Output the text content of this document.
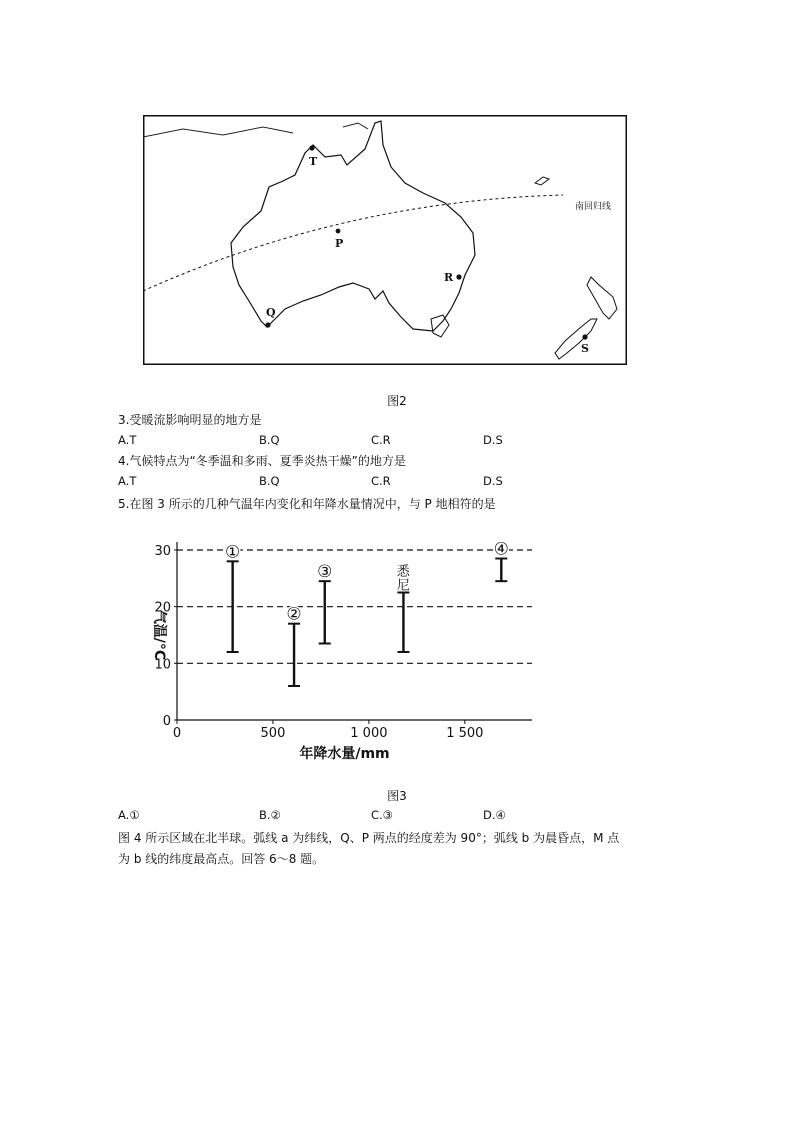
T
P
R
Q
S
南回归线
图2
3.受暖流影响明显的地方是
A.T	B.Q	C.R	D.S
4.气候特点为“冬季温和多雨、夏季炎热干燥”的地方是
A.T	B.Q	C.R	D.S
5.在图 3 所示的几种气温年内变化和年降水量情况中，与 P 地相符的是
0
10
20
30
0	500	1 000	1 500
年降水量/mm
气温/°C
①
②
③	悉
尼
④
图3
A.①	B.②	C.③	D.④
图 4 所示区域在北半球。弧线 a 为纬线，Q、P 两点的经度差为 90°；弧线 b 为晨昏点，M 点
为 b 线的纬度最高点。回答 6～8 题。
